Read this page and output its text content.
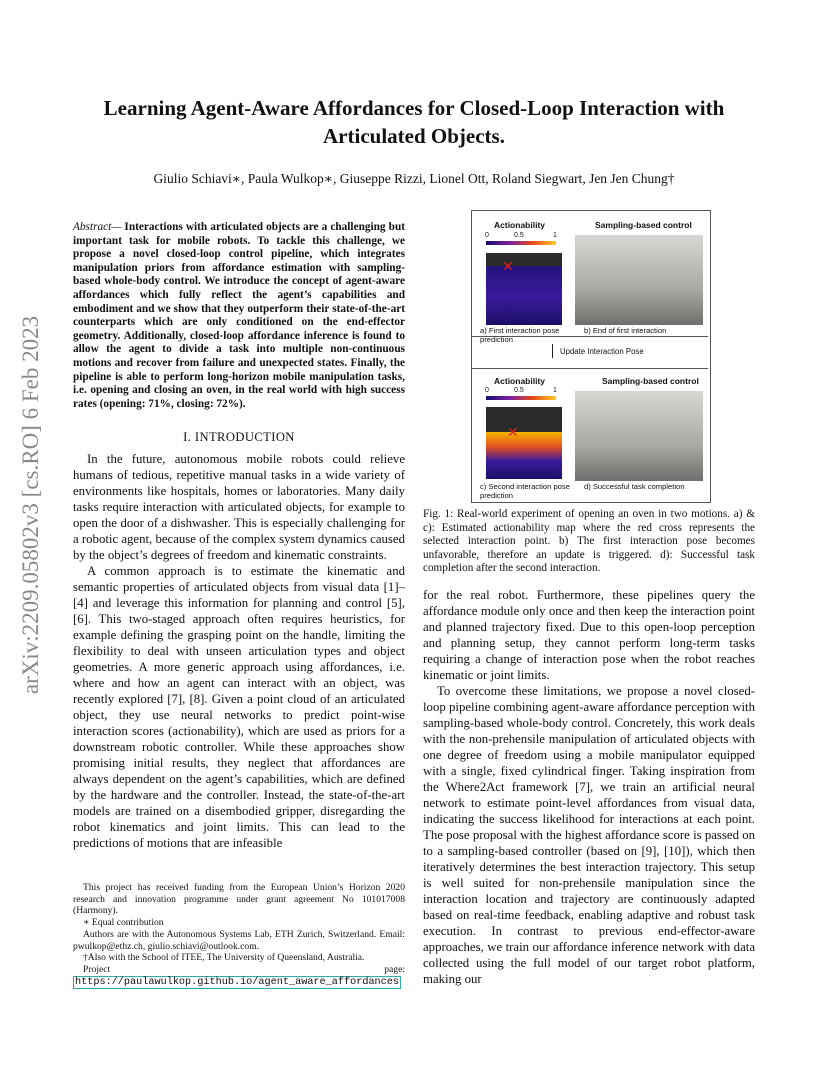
Learning Agent-Aware Affordances for Closed-Loop Interaction with Articulated Objects.
Giulio Schiavi∗, Paula Wulkop∗, Giuseppe Rizzi, Lionel Ott, Roland Siegwart, Jen Jen Chung†
arXiv:2209.05802v3 [cs.RO] 6 Feb 2023
Abstract— Interactions with articulated objects are a challenging but important task for mobile robots. To tackle this challenge, we propose a novel closed-loop control pipeline, which integrates manipulation priors from affordance estimation with sampling-based whole-body control. We introduce the concept of agent-aware affordances which fully reflect the agent’s capabilities and embodiment and we show that they outperform their state-of-the-art counterparts which are only conditioned on the end-effector geometry. Additionally, closed-loop affordance inference is found to allow the agent to divide a task into multiple non-continuous motions and recover from failure and unexpected states. Finally, the pipeline is able to perform long-horizon mobile manipulation tasks, i.e. opening and closing an oven, in the real world with high success rates (opening: 71%, closing: 72%).
I. INTRODUCTION

In the future, autonomous mobile robots could relieve humans of tedious, repetitive manual tasks in a wide variety of environments like hospitals, homes or laboratories. Many daily tasks require interaction with articulated objects, for example to open the door of a dishwasher. This is especially challenging for a robotic agent, because of the complex system dynamics caused by the object’s degrees of freedom and kinematic constraints.

A common approach is to estimate the kinematic and semantic properties of articulated objects from visual data [1]–[4] and leverage this information for planning and control [5], [6]. This two-staged approach often requires heuristics, for example defining the grasping point on the handle, limiting the flexibility to deal with unseen articulation types and object geometries. A more generic approach using affordances, i.e. where and how an agent can interact with an object, was recently explored [7], [8]. Given a point cloud of an articulated object, they use neural networks to predict point-wise interaction scores (actionability), which are used as priors for a downstream robotic controller. While these approaches show promising initial results, they neglect that affordances are always dependent on the agent’s capabilities, which are defined by the hardware and the controller. Instead, the state-of-the-art models are trained on a disembodied gripper, disregarding the robot kinematics and joint limits. This can lead to the predictions of motions that are infeasible

This project has received funding from the European Union’s Horizon 2020 research and innovation programme under grant agreement No 101017008 (Harmony).

∗ Equal contribution

Authors are with the Autonomous Systems Lab, ETH Zurich, Switzerland. Email: pwulkop@ethz.ch, giulio.schiavi@outlook.com.

†Also with the School of ITEE, The University of Queensland, Australia.

Project page: https://paulawulkop.github.io/agent_aware_affordances

Actionability	Sampling-based control
0	0.5	1
✕
a) First interaction pose prediction
b) End of first interaction
Update Interaction Pose
Actionability	Sampling-based control
0	0.5	1
✕
c) Second interaction pose prediction
d) Successful task completion
Fig. 1: Real-world experiment of opening an oven in two motions. a) & c): Estimated actionability map where the red cross represents the selected interaction point. b) The first interaction pose becomes unfavorable, therefore an update is triggered. d): Successful task completion after the second interaction.

for the real robot. Furthermore, these pipelines query the affordance module only once and then keep the interaction point and planned trajectory fixed. Due to this open-loop perception and planning setup, they cannot perform long-term tasks requiring a change of interaction pose when the robot reaches kinematic or joint limits.

To overcome these limitations, we propose a novel closed-loop pipeline combining agent-aware affordance perception with sampling-based whole-body control. Concretely, this work deals with the non-prehensile manipulation of articulated objects with one degree of freedom using a mobile manipulator equipped with a single, fixed cylindrical finger. Taking inspiration from the Where2Act framework [7], we train an artificial neural network to estimate point-level affordances from visual data, indicating the success likelihood for interactions at each point. The pose proposal with the highest affordance score is passed on to a sampling-based controller (based on [9], [10]), which then iteratively determines the best interaction trajectory. This setup is well suited for non-prehensile manipulation since the interaction location and trajectory are continuously adapted based on real-time feedback, enabling adaptive and robust task execution. In contrast to previous end-effector-aware approaches, we train our affordance inference network with data collected using the full model of our target robot platform, making our
